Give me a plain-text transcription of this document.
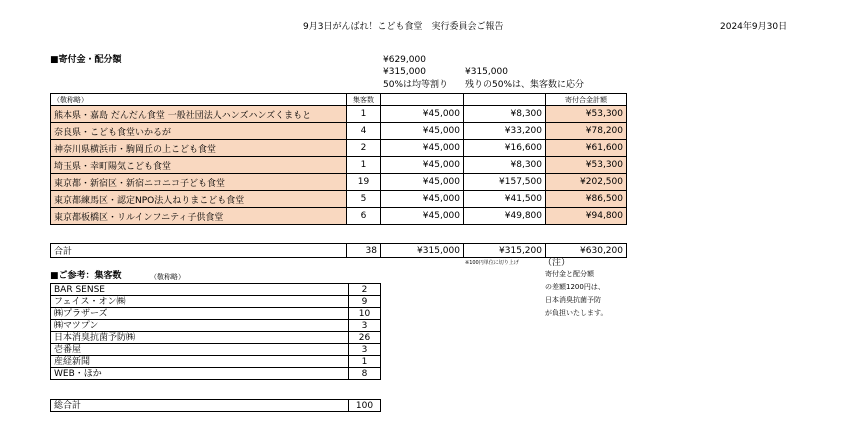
9月3日がんばれ！こども食堂　実行委員会ご報告	2024年9月30日
■寄付金・配分額	¥629,000
¥315,000	¥315,000
50%は均等割り 残りの50%は、集客数に応分
（敬称略）	集客数			寄付合金計額
熊本県・嘉島 だんだん食堂 一般社団法人ハンズハンズくまもと	1	¥45,000	¥8,300	¥53,300
奈良県・こども食堂いかるが	4	¥45,000	¥33,200	¥78,200
神奈川県横浜市・駒岡丘の上こども食堂	2	¥45,000	¥16,600	¥61,600
埼玉県・幸町陽気こども食堂	1	¥45,000	¥8,300	¥53,300
東京都・新宿区・新宿ニコニコ子ども食堂	19	¥45,000	¥157,500	¥202,500
東京都練馬区・認定NPO法人ねりまこども食堂	5	¥45,000	¥41,500	¥86,500
東京都板橋区・リルインフニティ子供食堂	6	¥45,000	¥49,800	¥94,800
合計	38	¥315,000	¥315,200	¥630,200
※100円単位に切り上げ	（注）
寄付金と配分額
の差額1200円は、
日本消臭抗菌予防
が負担いたします。
■ご参考：集客数	（敬称略）
BAR SENSE	2
フェイス・オン㈱	9
㈱プラザーズ	10
㈱マツプン	3
日本消臭抗菌予防㈱	26
壱番屋	3
産経新聞	1
WEB・ほか	8
総合計	100
